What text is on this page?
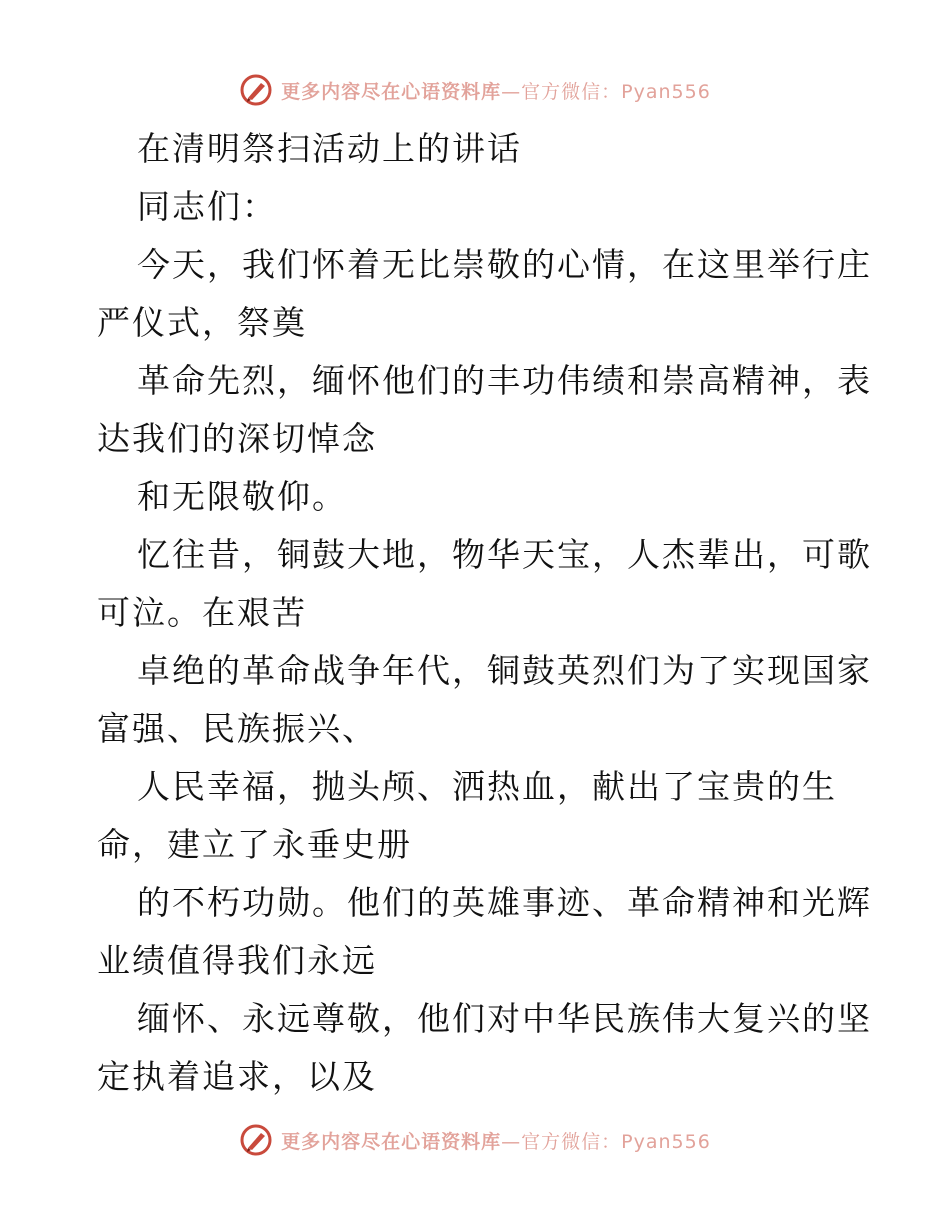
更多内容尽在心语资料库—官方微信：Pyan556
在清明祭扫活动上的讲话
同志们：
今天，我们怀着无比崇敬的心情，在这里举行庄
严仪式，祭奠
革命先烈，缅怀他们的丰功伟绩和崇高精神，表
达我们的深切悼念
和无限敬仰。
忆往昔，铜鼓大地，物华天宝，人杰辈出，可歌
可泣。在艰苦
卓绝的革命战争年代，铜鼓英烈们为了实现国家
富强、民族振兴、
人民幸福，抛头颅、洒热血，献出了宝贵的生
命，建立了永垂史册
的不朽功勋。他们的英雄事迹、革命精神和光辉
业绩值得我们永远
缅怀、永远尊敬，他们对中华民族伟大复兴的坚
定执着追求，以及
更多内容尽在心语资料库—官方微信：Pyan556
